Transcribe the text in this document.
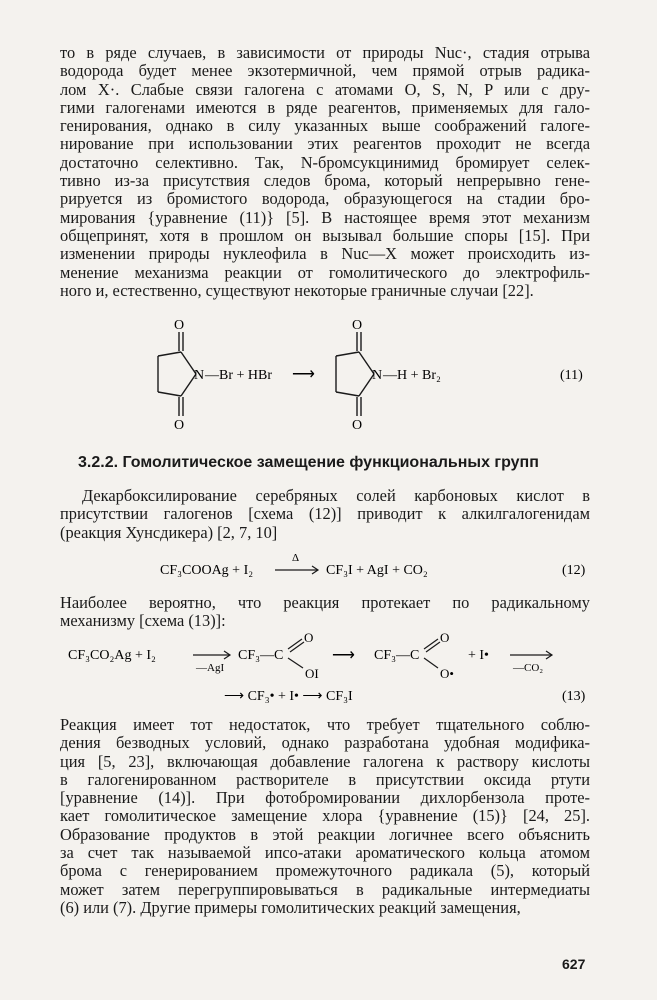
то в ряде случаев, в зависимости от природы Nuc·, стадия отрыва
водорода будет менее экзотермичной, чем прямой отрыв радика-
лом X·. Слабые связи галогена с атомами O, S, N, P или с дру-
гими галогенами имеются в ряде реагентов, применяемых для гало-
генирования, однако в силу указанных выше соображений галоге-
нирование при использовании этих реагентов проходит не всегда
достаточно селективно. Так, N-бромсукцинимид бромирует селек-
тивно из-за присутствия следов брома, который непрерывно гене-
рируется из бромистого водорода, образующегося на стадии бро-
мирования {уравнение (11)} [5]. В настоящее время этот механизм
общепринят, хотя в прошлом он вызывал большие споры [15]. При
изменении природы нуклеофила в Nuc—X может происходить из-
менение механизма реакции от гомолитического до электрофиль-
ного и, естественно, существуют некоторые граничные случаи [22].
O
O
N —Br + HBr ⟶
O
O
N —H + Br₂	(11)
3.2.2. Гомолитическое замещение функциональных групп
Декарбоксилирование серебряных солей карбоновых кислот в
присутствии галогенов [схема (12)] приводит к алкилгалогенидам
(реакция Хунсдикера) [2, 7, 10]
CF₃COOAg + I₂
Δ
CF₃I + AgI + CO₂	(12)
Наиболее вероятно, что реакция протекает по радикальному
механизму [схема (13)]:
CF₃CO₂Ag + I₂
—AgI
CF₃—C
O
OI
⟶ CF₃—C
O
O•
+ I•
—CO₂
⟶ CF₃• + I• ⟶ CF₃I	(13)
Реакция имеет тот недостаток, что требует тщательного соблю-
дения безводных условий, однако разработана удобная модифика-
ция [5, 23], включающая добавление галогена к раствору кислоты
в галогенированном растворителе в присутствии оксида ртути
[уравнение (14)]. При фотобромировании дихлорбензола проте-
кает гомолитическое замещение хлора {уравнение (15)} [24, 25].
Образование продуктов в этой реакции логичнее всего объяснить
за счет так называемой ипсо-атаки ароматического кольца атомом
брома с генерированием промежуточного радикала (5), который
может затем перегруппировываться в радикальные интермедиаты
(6) или (7). Другие примеры гомолитических реакций замещения,
627
